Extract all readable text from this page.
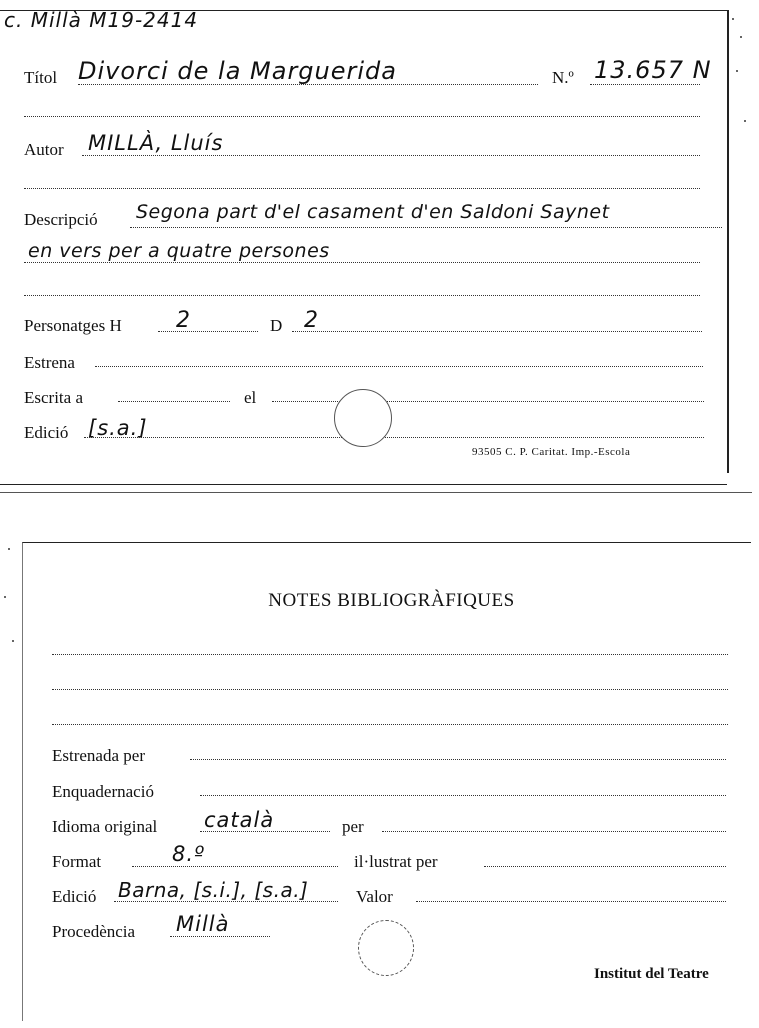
c. Millà M19-2414
Títol Divorci de la Marguerida	N.º 13.657 N
Autor MILLÀ, Lluís
Descripció Segona part d'el casament d'en Saldoni Saynet
en vers per a quatre persones
Personatges H 2	D 2
Estrena
Escrita a	el
Edició [s.a.]
93505 C. P. Caritat. Imp.-Escola
NOTES BIBLIOGRÀFIQUES
Estrenada per
Enquadernació
Idioma original català	per
Format	8.º	il·lustrat per
Edició Barna, [s.i.], [s.a.]	Valor
Procedència Millà
Institut del Teatre
